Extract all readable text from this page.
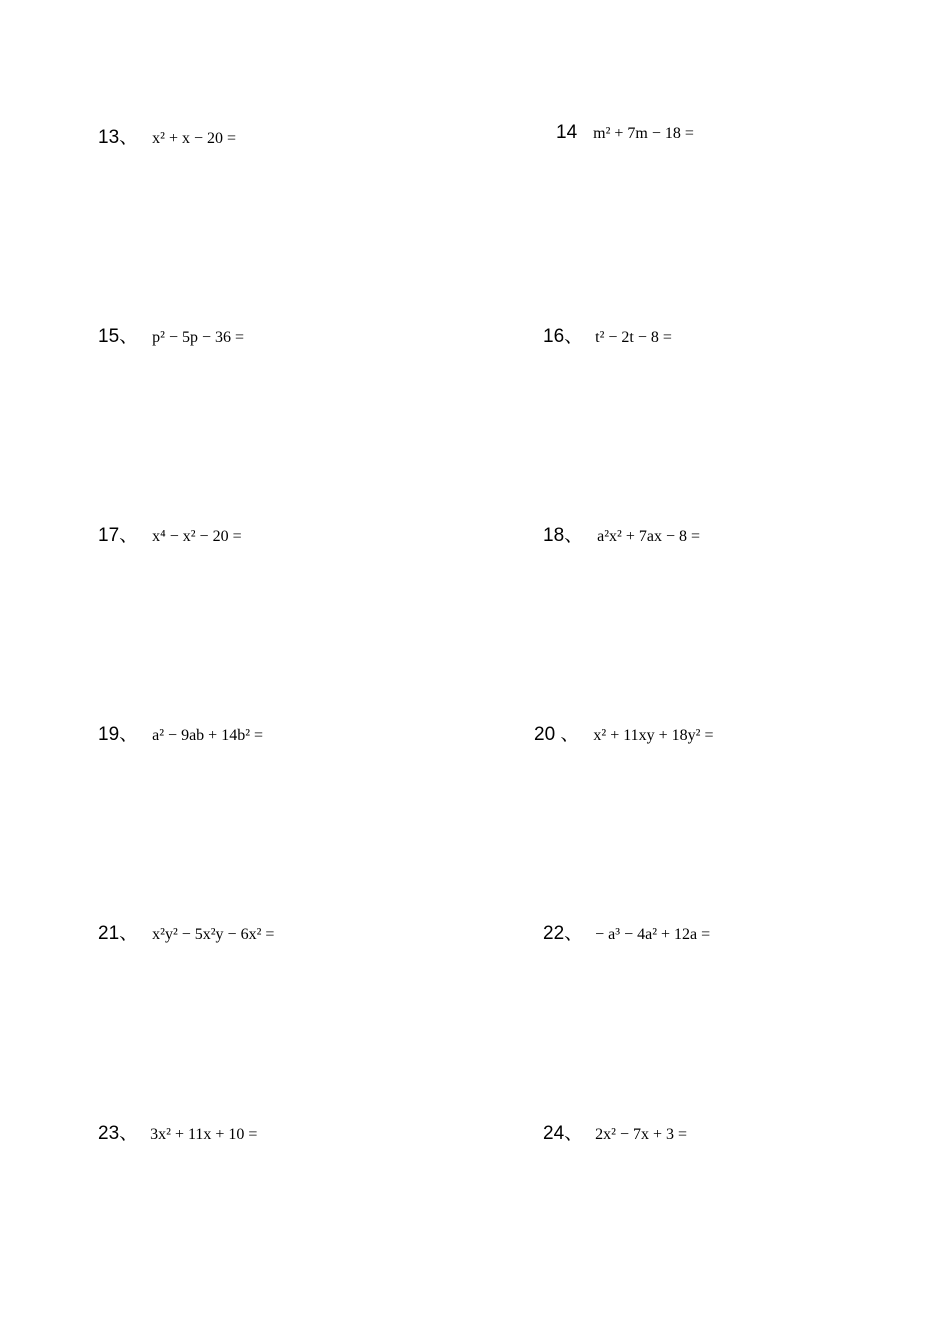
13、 x² + x − 20 =	14 m² + 7m − 18 =
15、 p² − 5p − 36 =	16、 t² − 2t − 8 =
17、 x⁴ − x² − 20 =	18、 a²x² + 7ax − 8 =
19、 a² − 9ab + 14b² =	20 、 x² + 11xy + 18y² =
21、 x²y² − 5x²y − 6x² =	22、 − a³ − 4a² + 12a =
23、 3x² + 11x + 10 =	24、 2x² − 7x + 3 =
